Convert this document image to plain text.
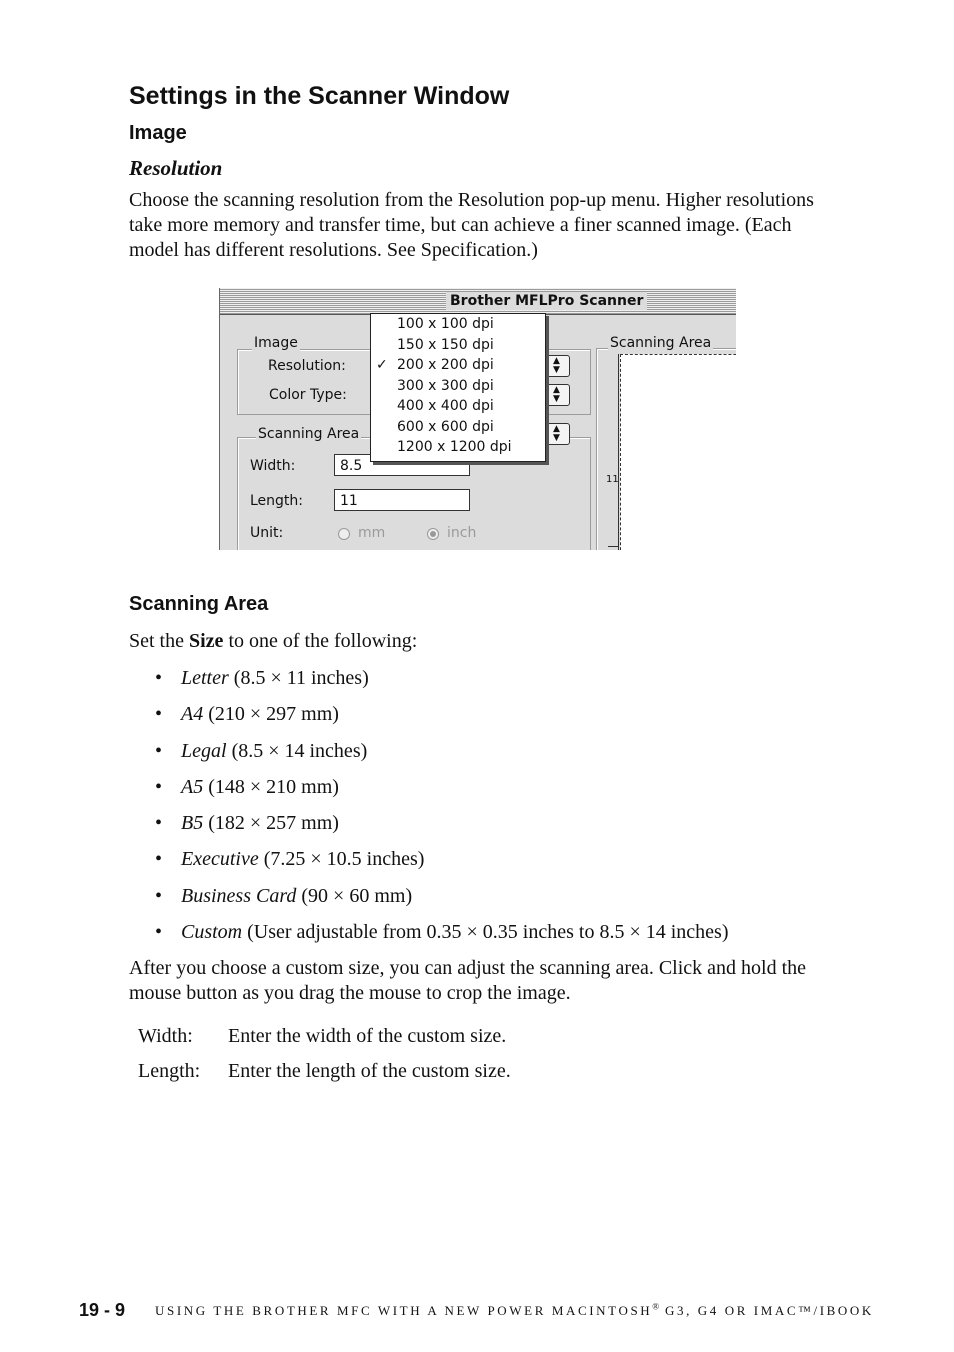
Settings in the Scanner Window
Image
Resolution
Choose the scanning resolution from the Resolution pop-up menu. Higher resolutions take more memory and transfer time, but can achieve a finer scanned image. (Each model has different resolutions. See Specification.)
Brother MFLPro Scanner
Image
Resolution:
Color Type:
▲
▼
▲
▼
Scanning Area	▲
▼
Width:	8.5
Length:	11
Unit:	mm	inch
Scanning Area
11
100 x 100 dpi
150 x 150 dpi
✓ 200 x 200 dpi
300 x 300 dpi
400 x 400 dpi
600 x 600 dpi
1200 x 1200 dpi
Scanning Area
Set the Size to one of the following:
• Letter (8.5 × 11 inches)
• A4 (210 × 297 mm)
• Legal (8.5 × 14 inches)
• A5 (148 × 210 mm)
• B5 (182 × 257 mm)
• Executive (7.25 × 10.5 inches)
• Business Card (90 × 60 mm)
• Custom (User adjustable from 0.35 × 0.35 inches to 8.5 × 14 inches)
After you choose a custom size, you can adjust the scanning area. Click and hold the mouse button as you drag the mouse to crop the image.
Width: Enter the width of the custom size.
Length: Enter the length of the custom size.
19 - 9 USING THE BROTHER MFC WITH A NEW POWER MACINTOSH® G3, G4 OR IMAC™/IBOOK
